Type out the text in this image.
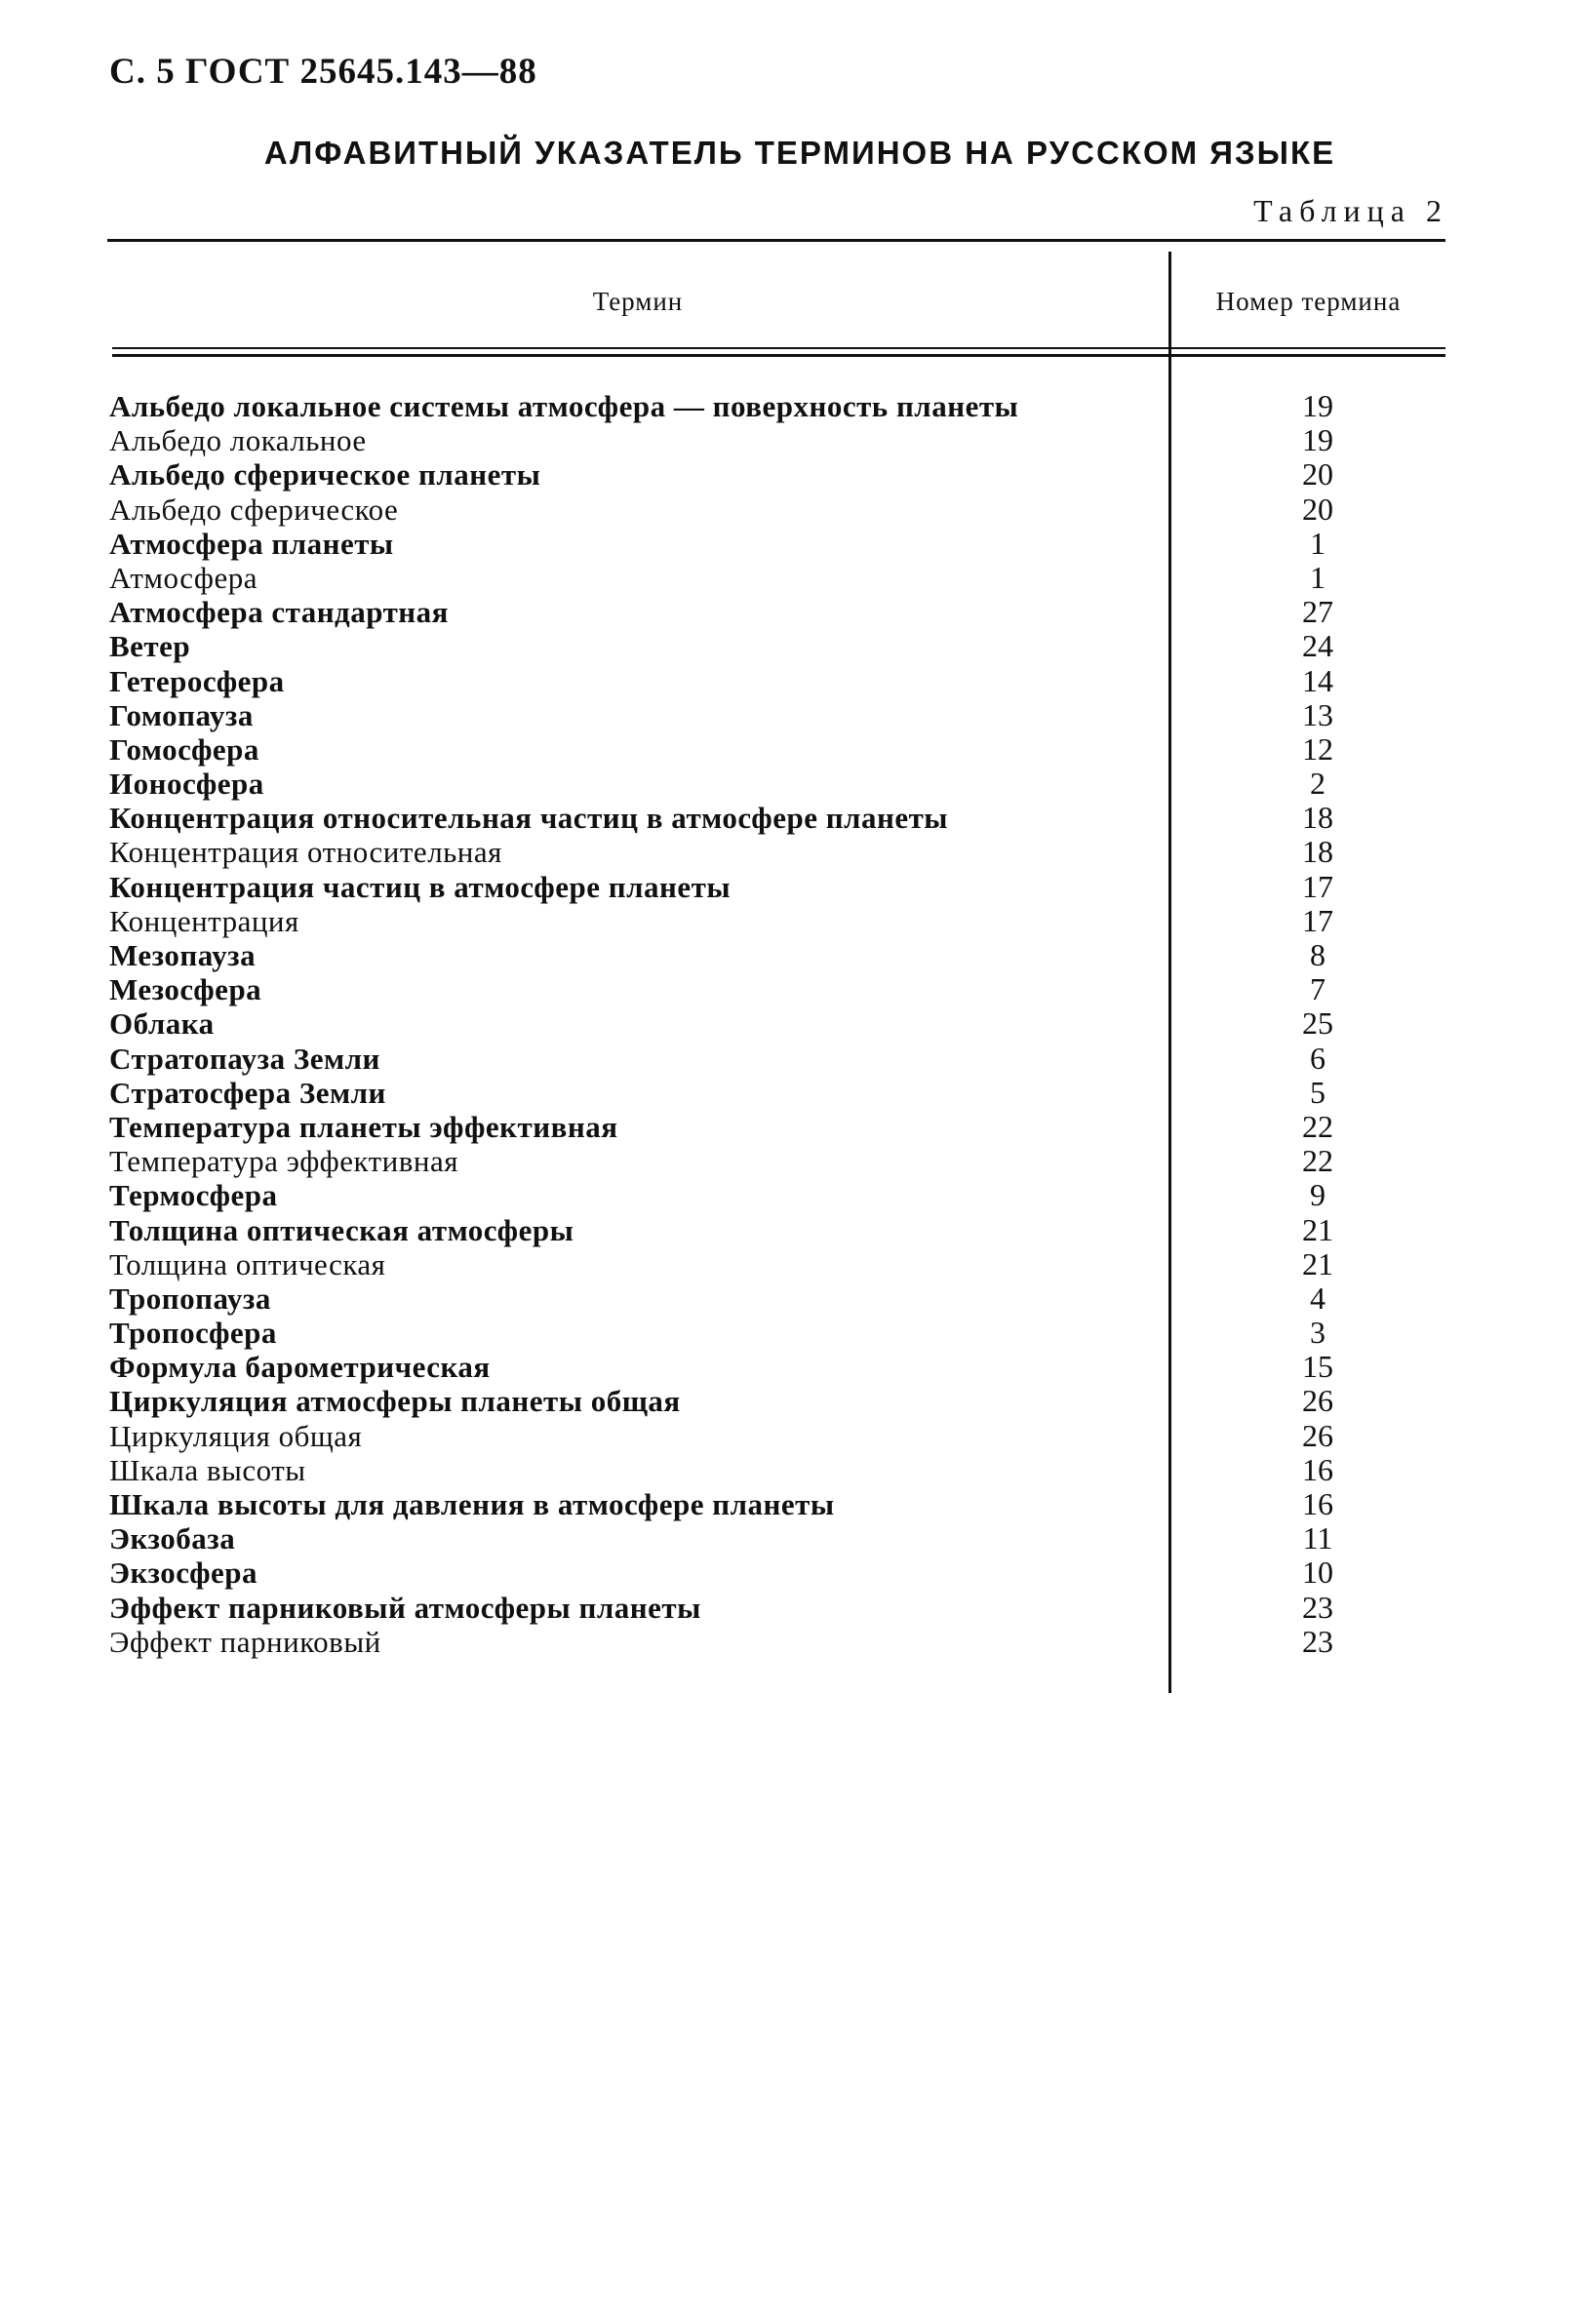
С. 5 ГОСТ 25645.143—88
АЛФАВИТНЫЙ УКАЗАТЕЛЬ ТЕРМИНОВ НА РУССКОМ ЯЗЫКЕ
Таблица 2
Термин	Номер термина
Альбедо локальное системы атмосфера — поверхность планеты	19
Альбедо локальное	19
Альбедо сферическое планеты	20
Альбедо сферическое	20
Атмосфера планеты	1
Атмосфера	1
Атмосфера стандартная	27
Ветер	24
Гетеросфера	14
Гомопауза	13
Гомосфера	12
Ионосфера	2
Концентрация относительная частиц в атмосфере планеты	18
Концентрация относительная	18
Концентрация частиц в атмосфере планеты	17
Концентрация	17
Мезопауза	8
Мезосфера	7
Облака	25
Стратопауза Земли	6
Стратосфера Земли	5
Температура планеты эффективная	22
Температура эффективная	22
Термосфера	9
Толщина оптическая атмосферы	21
Толщина оптическая	21
Тропопауза	4
Тропосфера	3
Формула барометрическая	15
Циркуляция атмосферы планеты общая	26
Циркуляция общая	26
Шкала высоты	16
Шкала высоты для давления в атмосфере планеты	16
Экзобаза	11
Экзосфера	10
Эффект парниковый атмосферы планеты	23
Эффект парниковый	23
